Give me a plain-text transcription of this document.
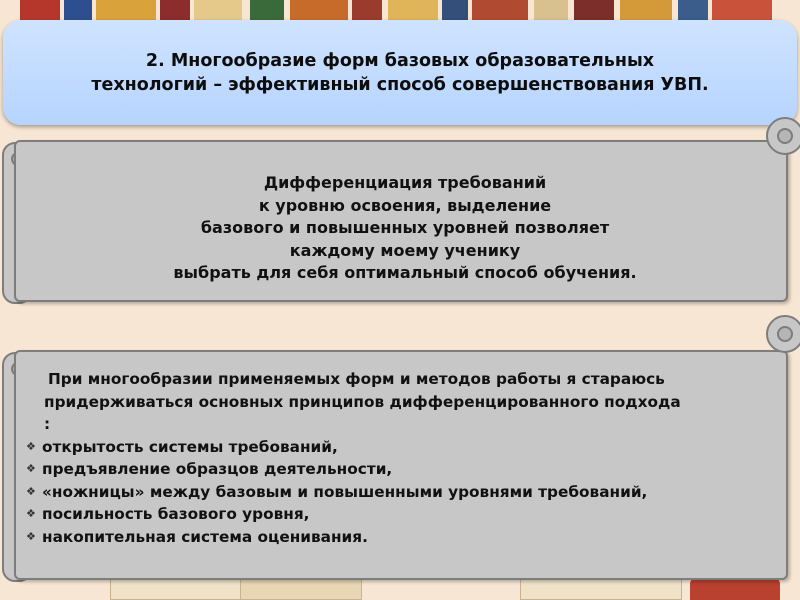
2. Многообразие форм базовых образовательных
технологий – эффективный способ совершенствования УВП.
Дифференциация требований
к уровню освоения, выделение
базового и повышенных уровней позволяет
каждому моему ученику
выбрать для себя оптимальный способ обучения.
При многообразии применяемых форм и методов работы я стараюсь
придерживаться основных принципов дифференцированного подхода
:
❖ открытость системы требований,
❖ предъявление образцов деятельности,
❖ «ножницы» между базовым и повышенными уровнями требований,
❖ посильность базового уровня,
❖ накопительная система оценивания.
